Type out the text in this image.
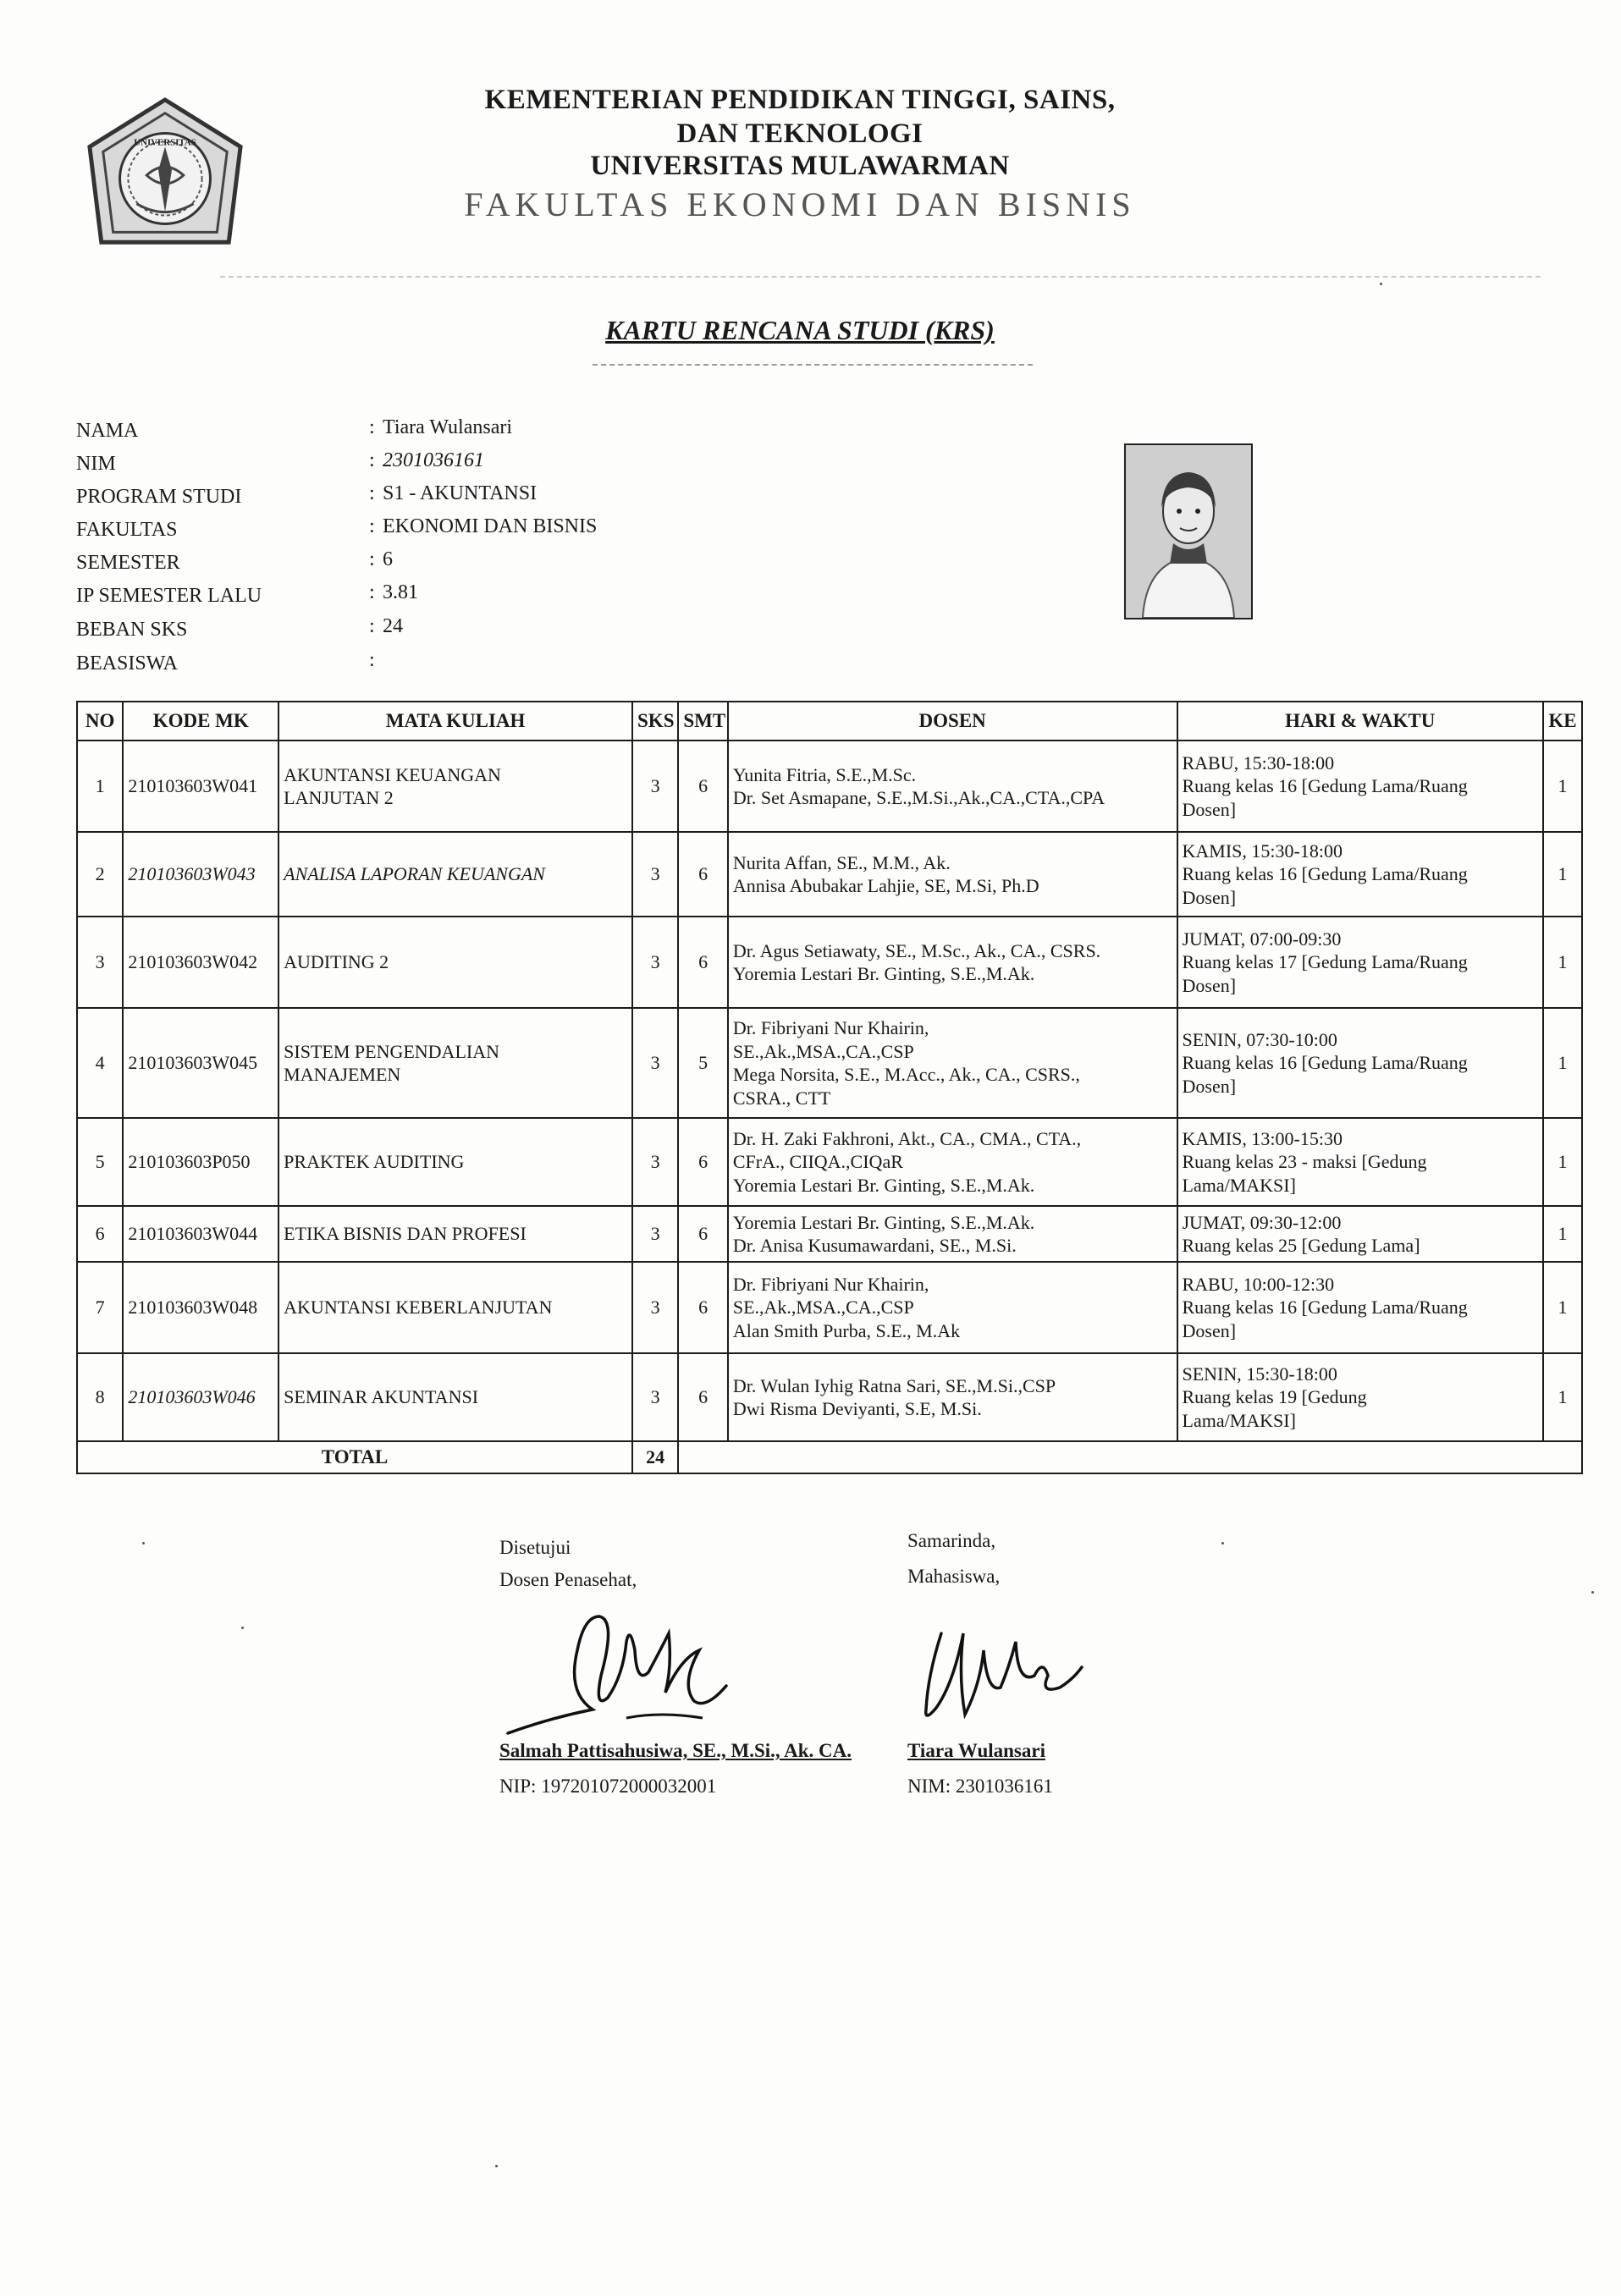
UNIVERSITAS
KEMENTERIAN PENDIDIKAN TINGGI, SAINS,
DAN TEKNOLOGI
UNIVERSITAS MULAWARMAN
FAKULTAS EKONOMI DAN BISNIS
KARTU RENCANA STUDI (KRS)
NAMA	: Tiara Wulansari
NIM	: 2301036161
PROGRAM STUDI	: S1 - AKUNTANSI
FAKULTAS	: EKONOMI DAN BISNIS
SEMESTER	: 6
IP SEMESTER LALU	: 3.81
BEBAN SKS	: 24
BEASISWA	:
NO	KODE MK	MATA KULIAH	SKS	SMT	DOSEN	HARI & WAKTU	KE
1	210103603W041	AKUNTANSI KEUANGAN
LANJUTAN 2	3	6	Yunita Fitria, S.E.,M.Sc.
Dr. Set Asmapane, S.E.,M.Si.,Ak.,CA.,CTA.,CPA	RABU, 15:30-18:00
Ruang kelas 16 [Gedung Lama/Ruang
Dosen]	1
2	210103603W043	ANALISA LAPORAN KEUANGAN	3	6	Nurita Affan, SE., M.M., Ak.
Annisa Abubakar Lahjie, SE, M.Si, Ph.D	KAMIS, 15:30-18:00
Ruang kelas 16 [Gedung Lama/Ruang
Dosen]	1
3	210103603W042	AUDITING 2	3	6	Dr. Agus Setiawaty, SE., M.Sc., Ak., CA., CSRS.
Yoremia Lestari Br. Ginting, S.E.,M.Ak.	JUMAT, 07:00-09:30
Ruang kelas 17 [Gedung Lama/Ruang
Dosen]	1
4	210103603W045	SISTEM PENGENDALIAN
MANAJEMEN	3	5	Dr. Fibriyani Nur Khairin,
SE.,Ak.,MSA.,CA.,CSP
Mega Norsita, S.E., M.Acc., Ak., CA., CSRS.,
CSRA., CTT	SENIN, 07:30-10:00
Ruang kelas 16 [Gedung Lama/Ruang
Dosen]	1
5	210103603P050	PRAKTEK AUDITING	3	6	Dr. H. Zaki Fakhroni, Akt., CA., CMA., CTA.,
CFrA., CIIQA.,CIQaR
Yoremia Lestari Br. Ginting, S.E.,M.Ak.	KAMIS, 13:00-15:30
Ruang kelas 23 - maksi [Gedung
Lama/MAKSI]	1
6	210103603W044	ETIKA BISNIS DAN PROFESI	3	6	Yoremia Lestari Br. Ginting, S.E.,M.Ak.
Dr. Anisa Kusumawardani, SE., M.Si.	JUMAT, 09:30-12:00
Ruang kelas 25 [Gedung Lama]	1
7	210103603W048	AKUNTANSI KEBERLANJUTAN	3	6	Dr. Fibriyani Nur Khairin,
SE.,Ak.,MSA.,CA.,CSP
Alan Smith Purba, S.E., M.Ak	RABU, 10:00-12:30
Ruang kelas 16 [Gedung Lama/Ruang
Dosen]	1
8	210103603W046	SEMINAR AKUNTANSI	3	6	Dr. Wulan Iyhig Ratna Sari, SE.,M.Si.,CSP
Dwi Risma Deviyanti, S.E, M.Si.	SENIN, 15:30-18:00
Ruang kelas 19 [Gedung
Lama/MAKSI]	1
TOTAL			24				
Disetujui
Dosen Penasehat,
Salmah Pattisahusiwa, SE., M.Si., Ak. CA.
NIP: 197201072000032001
Samarinda,
Mahasiswa,
Tiara Wulansari
NIM: 2301036161
